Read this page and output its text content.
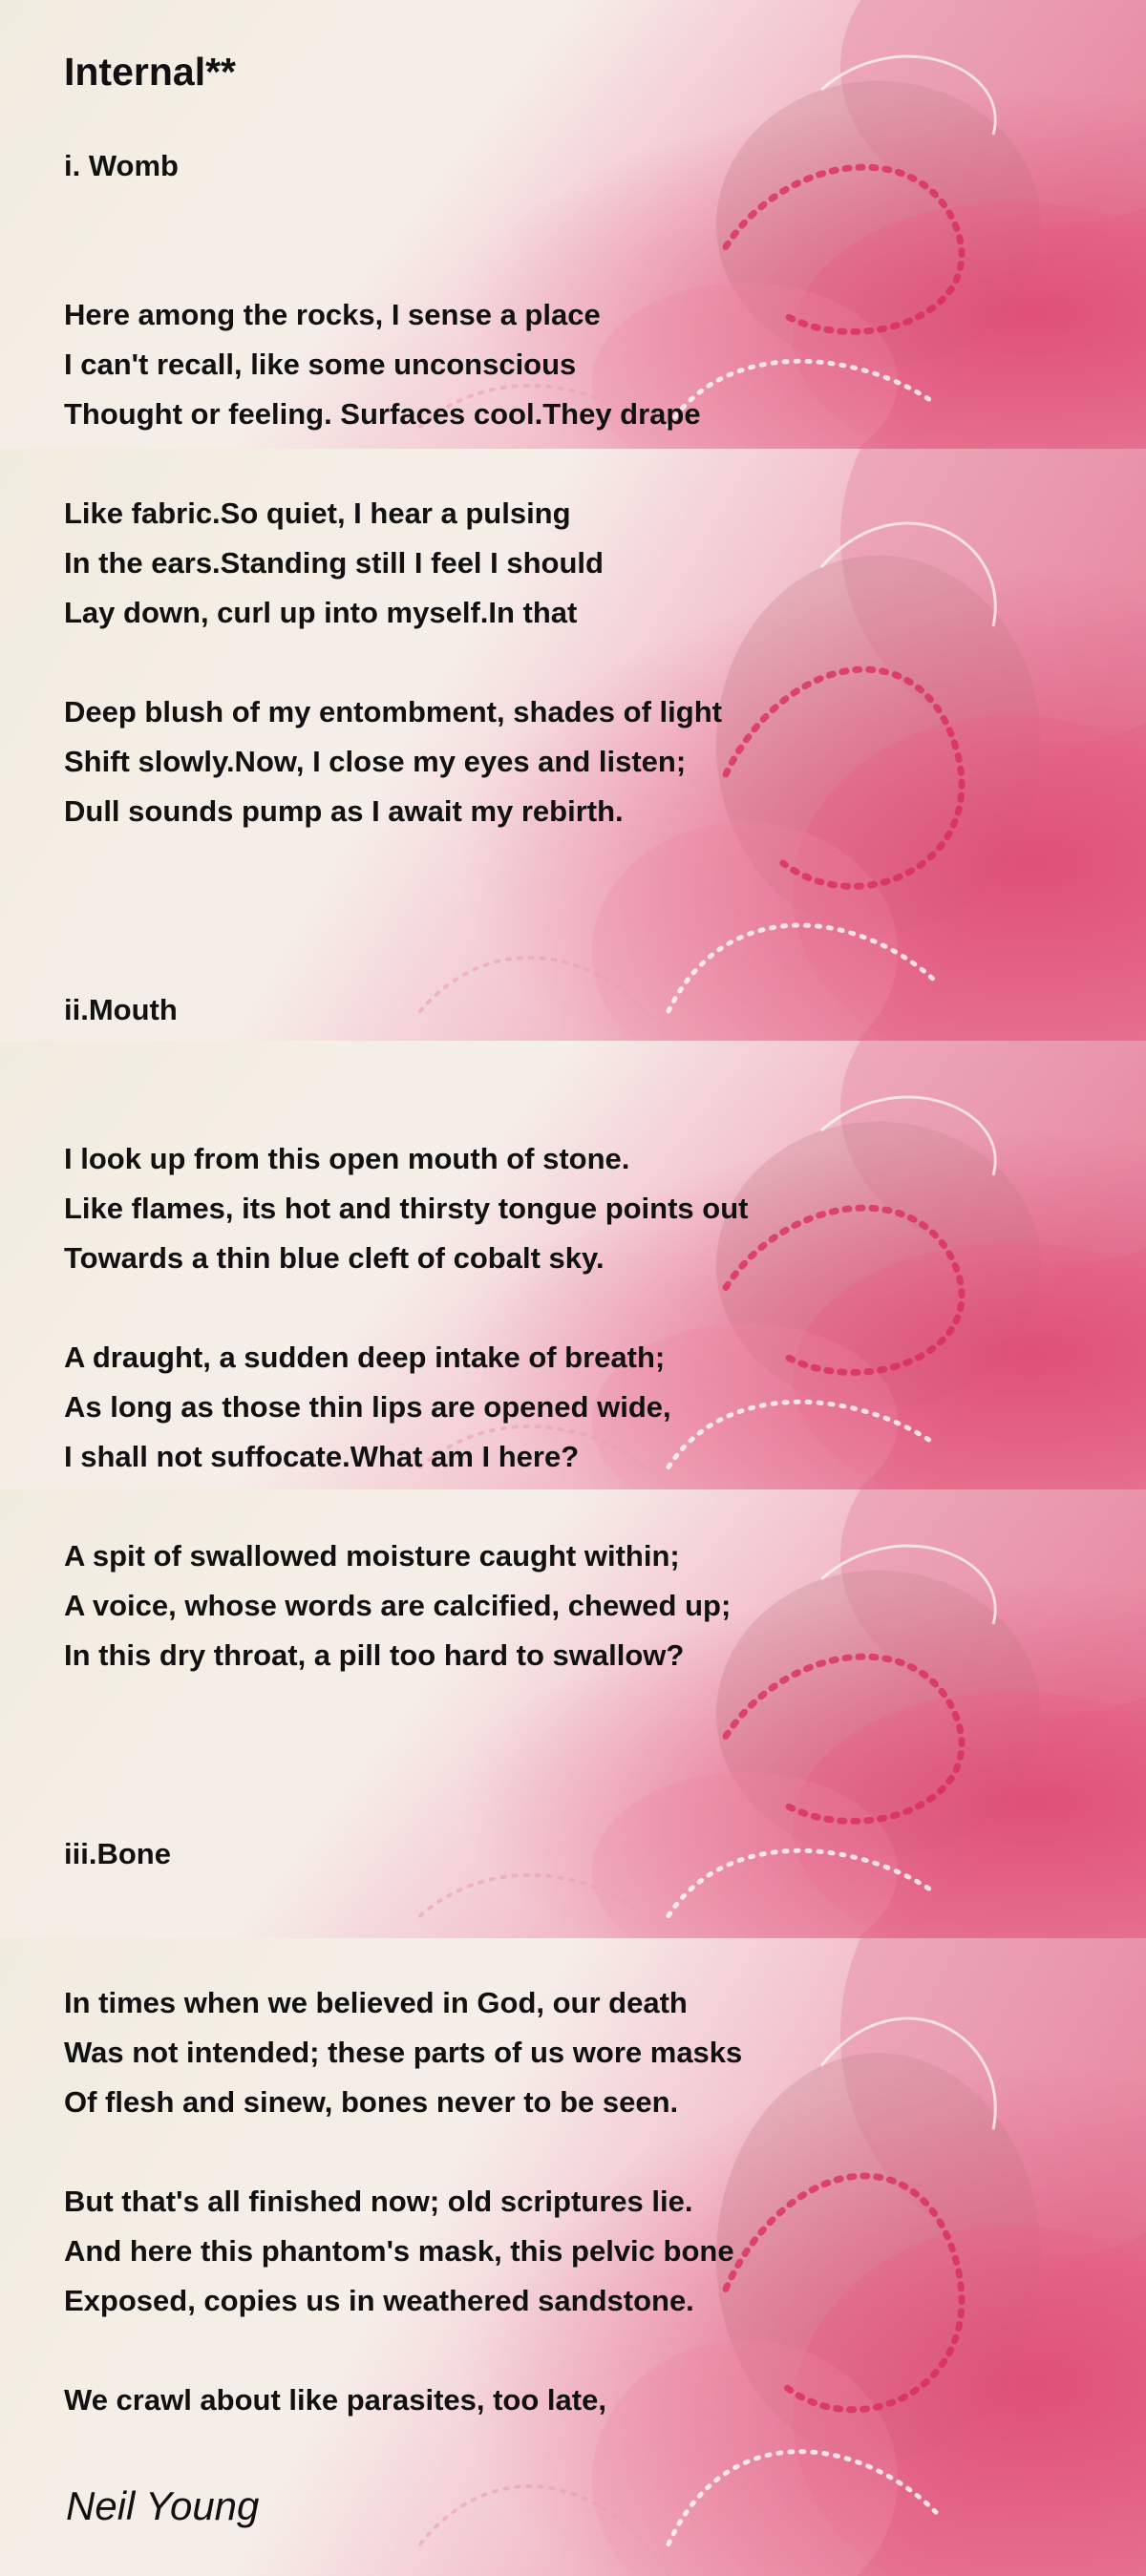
Internal**
i. Womb
Here among the rocks, I sense a place
I can't recall, like some unconscious
Thought or feeling. Surfaces cool.They drape
Like fabric.So quiet, I hear a pulsing
In the ears.Standing still I feel I should
Lay down, curl up into myself.In that
Deep blush of my entombment, shades of light
Shift slowly.Now, I close my eyes and listen;
Dull sounds pump as I await my rebirth.
ii.Mouth
I look up from this open mouth of stone.
Like flames, its hot and thirsty tongue points out
Towards a thin blue cleft of cobalt sky.
A draught, a sudden deep intake of breath;
As long as those thin lips are opened wide,
I shall not suffocate.What am I here?
A spit of swallowed moisture caught within;
A voice, whose words are calcified, chewed up;
In this dry throat, a pill too hard to swallow?
iii.Bone
In times when we believed in God, our death
Was not intended; these parts of us wore masks
Of flesh and sinew, bones never to be seen.
But that's all finished now; old scriptures lie.
And here this phantom's mask, this pelvic bone
Exposed, copies us in weathered sandstone.
We crawl about like parasites, too late,
Neil Young
